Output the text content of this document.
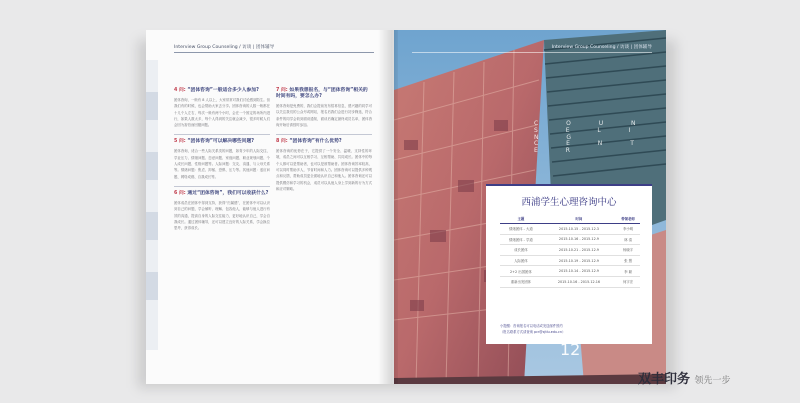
Interview Group Counseling / 访谈 | 团体辅导
4 问: “团体咨询”一般适合多少人参加?
团体咨询，一般有 8 人以上，大家常常对我们讨论感到陌生。但我们有的时候，也会帮助大家去分享。团体咨询的人数一般都在十几个人左右，每次一般有两个小时，会在一个固定的场所内进行，如果人数太多，每个人得到的关注就会减少，很多时候人们会因为害怕而回避问题。
5 问: “团体咨询”可以解决哪些问题?
团体咨询，适合一些人际关系类的问题，如青少年的人际交往、学业压力、情绪问题、恋爱问题、家庭问题、职业规划问题、个人成长问题、性格问题等。人际问题：交友、沟通、与父母关系等。情绪问题：焦虑、抑郁、恐惧、压力等。其他问题：适应问题、网络成瘾、自我成长等。
6 问: 通过“团体咨询”，我们可以收获什么?
团体成员在团体中得到支持，获得“归属感”，在团体中可以认识到自己的问题，学会倾听、理解、包容他人，能够与他人进行有效的沟通，提高自身的人际交往能力，更好地认识自己，学会自我成长。通过团体辅导，还可以建立良好的人际关系，学会换位思考，获得成长。
7 问: 如果我想报名，与“团体咨询”相关的时间有吗，要怎么办?
团体咨询是免费的，我们会提前发布招募信息，感兴趣的同学可以关注我们的公众号或网站，报名后我们会进行初步筛选，符合条件的同学会收到面谈通知，面谈后确定最终成员名单，团体咨询开始后请按时参加。
8 问: “团体咨询”有什么优势?
团体咨询的优势在于，它提供了一个安全、温暖、支持性的环境，成员之间可以互相学习、互相帮助、共同成长。团体中的每个人都可以是帮助者，也可以是被帮助者。团体咨询效率较高，可以同时帮助多人，节省时间和人力。团体咨询可以提供多种观点和反馈，帮助成员更全面地认识自己和他人。团体咨询还可以提供模仿和学习的机会，成员可以从他人身上学到新的行为方式和应对策略。
Interview Group Counseling / 访谈 | 团体辅导
C O U N S E L I N G
C E N T E R
西浦学生心理咨询中心
主题	时间	带领老师
情绪团体 - 大道	2015.10.15 - 2015.12.3	李小明
情绪团体 - 学道	2015.10.16 - 2015.12.9	林 清
成长团体	2015.10.21 - 2015.12.9	杨晓宇
人际团体	2015.10.19 - 2015.12.9	张 慧
2+2 出国团体	2015.10.14 - 2015.12.9	李 颖
重新出发团体	2015.10.16 - 2015.12.16	何宇宏
小提醒：咨询报名可以电话或发送邮件预约
（报名联系方式请查询 pcr@xjtlu.edu.cn）
12
双丰印务 领先一步
